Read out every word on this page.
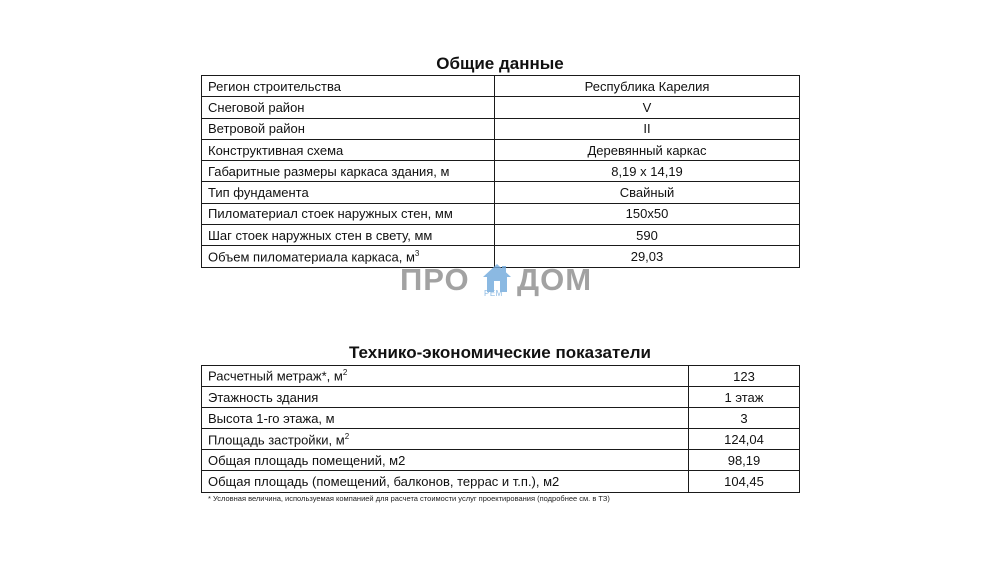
Общие данные
Регион строительства	Республика Карелия
Снеговой район	V
Ветровой район	II
Конструктивная схема	Деревянный каркас
Габаритные размеры каркаса здания, м	8,19 x 14,19
Тип фундамента	Свайный
Пиломатериал стоек наружных стен, мм	150x50
Шаг стоек наружных стен в свету, мм	590
Объем пиломатериала каркаса, $м^3$	29,03
ПРО ДОМ
РЕМ
Технико-экономические показатели
Расчетный метраж*, $м^2$	123
Этажность здания	1 этаж
Высота 1-го этажа, м	3
Площадь застройки, $м^2$	124,04
Общая площадь помещений, м2	98,19
Общая площадь (помещений, балконов, террас и т.п.), м2	104,45
* Условная величина, используемая компанией для расчета стоимости услуг проектирования (подробнее см. в ТЗ)
